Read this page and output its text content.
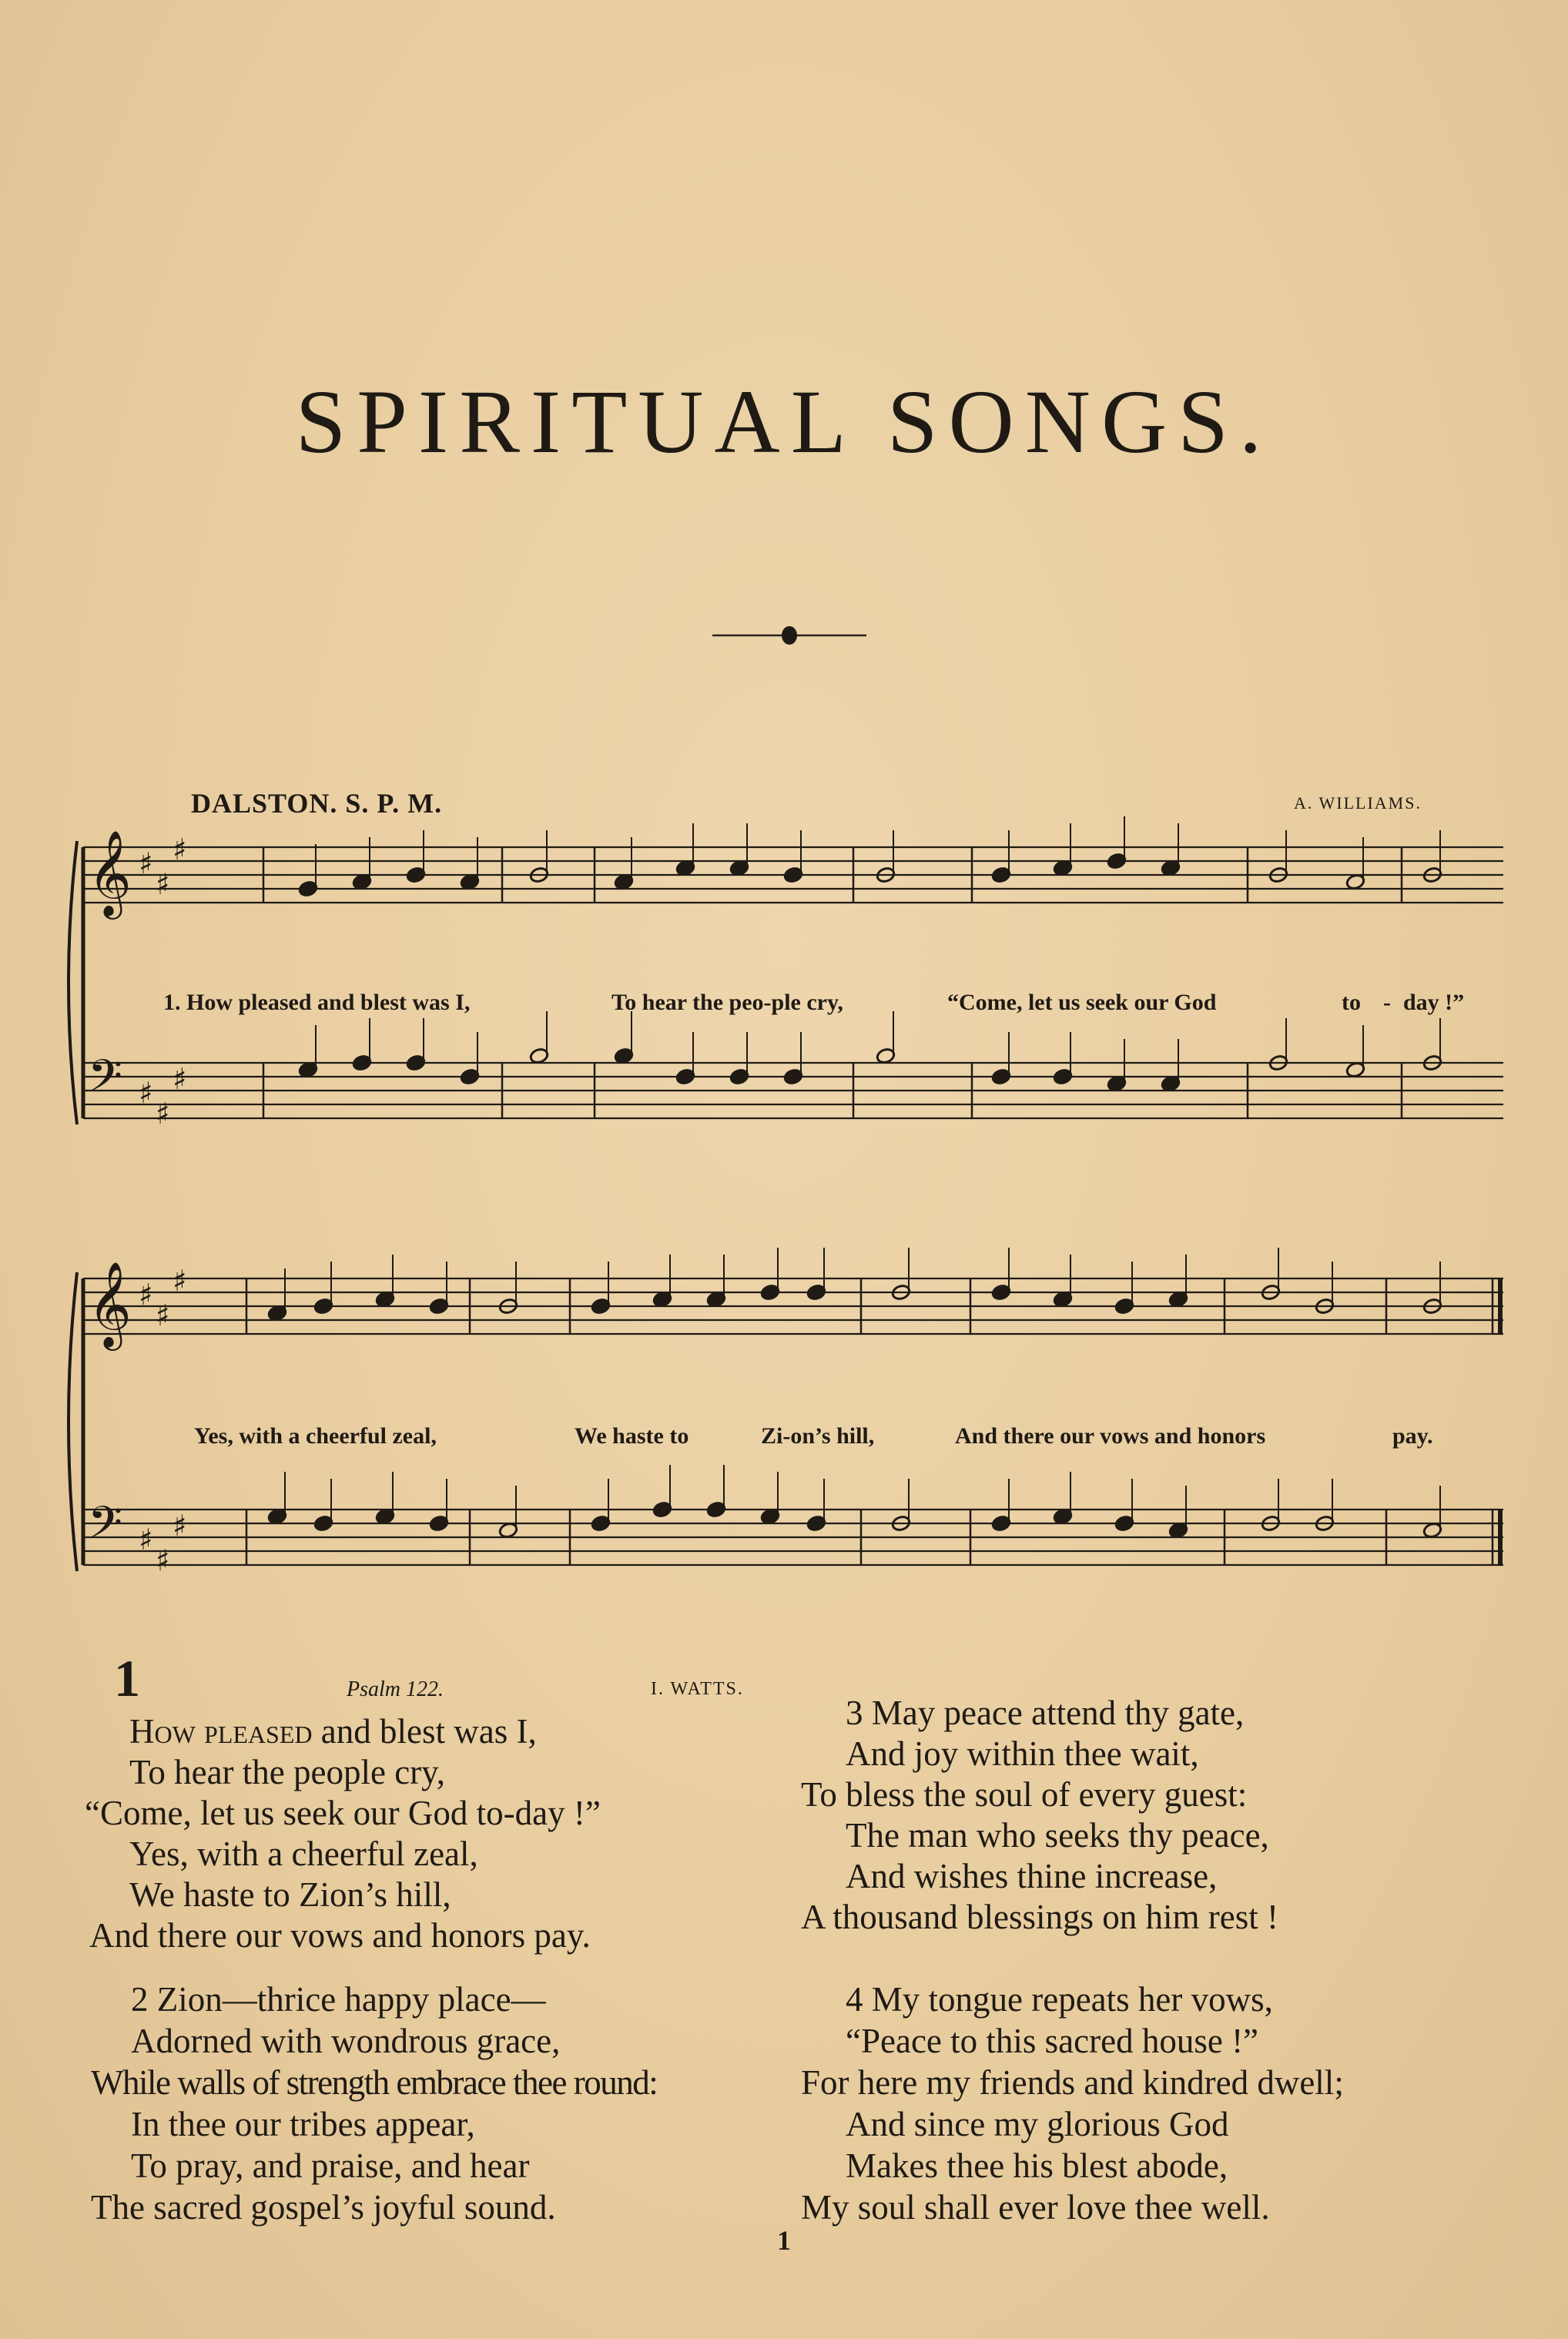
SPIRITUAL SONGS.
DALSTON. S. P. M.	A. WILLIAMS.
𝄞
𝄢
♯
♯
♯
♯
♯
♯
𝄞
𝄢
♯
♯
♯
♯
♯
♯
1. How pleased and blest was I,	To hear the peo-ple cry,	“Come, let us seek our God	to - day !”
Yes, with a cheerful zeal,	We haste to	Zi-on’s hill,	And there our vows and honors	pay.
1	Psalm 122.	I. WATTS.
How pleased and blest was I,
To hear the people cry,
“Come, let us seek our God to-day !”
Yes, with a cheerful zeal,
We haste to Zion’s hill,
And there our vows and honors pay.
2 Zion—thrice happy place—
Adorned with wondrous grace,
While walls of strength embrace thee round:
In thee our tribes appear,
To pray, and praise, and hear
The sacred gospel’s joyful sound.
3 May peace attend thy gate,
And joy within thee wait,
To bless the soul of every guest:
The man who seeks thy peace,
And wishes thine increase,
A thousand blessings on him rest !
4 My tongue repeats her vows,
“Peace to this sacred house !”
For here my friends and kindred dwell;
And since my glorious God
Makes thee his blest abode,
My soul shall ever love thee well.
1
